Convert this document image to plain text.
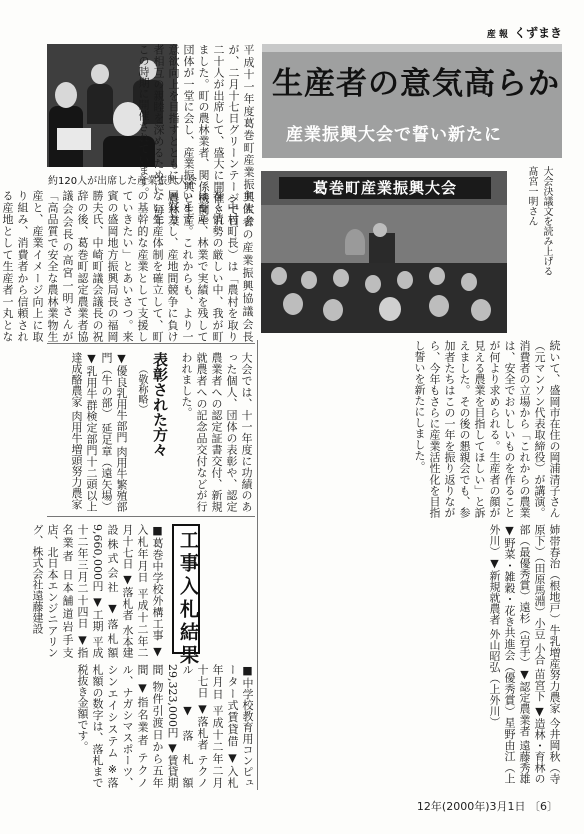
産 報 くずまき
生産者の意気高らか
産業振興大会で誓い新たに
約120人が出席した産業振興大会	葛巻町産業振興大会	大会決議文を読み上げる髙宮一明さん
平成十一年度葛巻町産業振興大会が、二月十七日グリーンテージで百二十人が出席して、盛大に開催されました。町の農林業者、関係機関や団体が一堂に会し、産業振興と生産意欲向上を目指すとともに、農林業者相互の親睦を深めるために、毎年この時期に開催されています。	主催者の産業振興協議会長（中村町長）は「農村を取り巻く情勢の厳しい中、我が町は畜産、林業で実績を残しています。これからも、より一層努力し、産地間競争に負けない生産体制を確立して、町の基幹的な産業として支援していきたい」とあいさつ。来賓の盛岡地方振興局長の福岡勝夫氏、中崎町議会議長の祝辞の後、葛巻町認定農業者協議会会長の高宮一明さんが「高品質で安全な農林業物生産と、産業イメージ向上に取り組み、消費者から信頼される産地として生産者一丸とな
続いて、盛岡市在住の岡浦清子さん（元マンソン代表取締役）が講演。消費者の立場から「これからの農業は、安全でおいしいものを作ることが何より求められる。生産者の顔が見える農業を目指してほしい」と訴えました。その後の懇親会でも、参加者たちはこの一年を振り返りながら、今年もさらに産業活性化を目指し誓いを新たにしました。
表彰された方々
（敬称略）	大会では、十一年度に功績のあった個人、団体の表彰や、認定農業者への認定証書交付、新規就農者への記念品交付などが行われました。
▼優良乳用牛部門 肉用牛繁殖部門（牛の部） 延足章（遠矢場）▼乳用牛群検定部門十二頭以上達成酪農家 肉用牛増頭努力農家
姉帯春治（根地戸）牛乳増産努力農家 今井岡秋（寺原下）（田原馬淵）小豆 小合 苗宮下 ▼造林・育林の部（最優秀賞）遠杉（岩手）▼認定農業者 遠藤秀雄 ▼野菜・雑穀・花き共進会（優秀賞）星野由江（上外川）▼新規就農者 外山昭弘（上外川）
工事入札結果
■葛巻中学校外構工事 ▼入札年月日 平成十二年二月十七日 ▼落札者 水本建設株式会社 ▼落札額 9,660,000円 ▼工期 平成十二年三月二十四日 ▼指名業者 日本舗道岩手支店、北日本エンジニアリング、株式会社遠藤建設
■中学校教育用コンピューター式賃貸借 ▼入札年月日 平成十二年二月十七日 ▼落札者 テクノル ▼落札額 29,323,000円 ▼賃貸期間 物件引渡日から五年間 ▼指名業者 テクノル、ナガシマスポーツ、シンエイシステム ※落札額の数字は、落札まで税抜き金額です。
12年(2000年)3月1日 〔6〕
